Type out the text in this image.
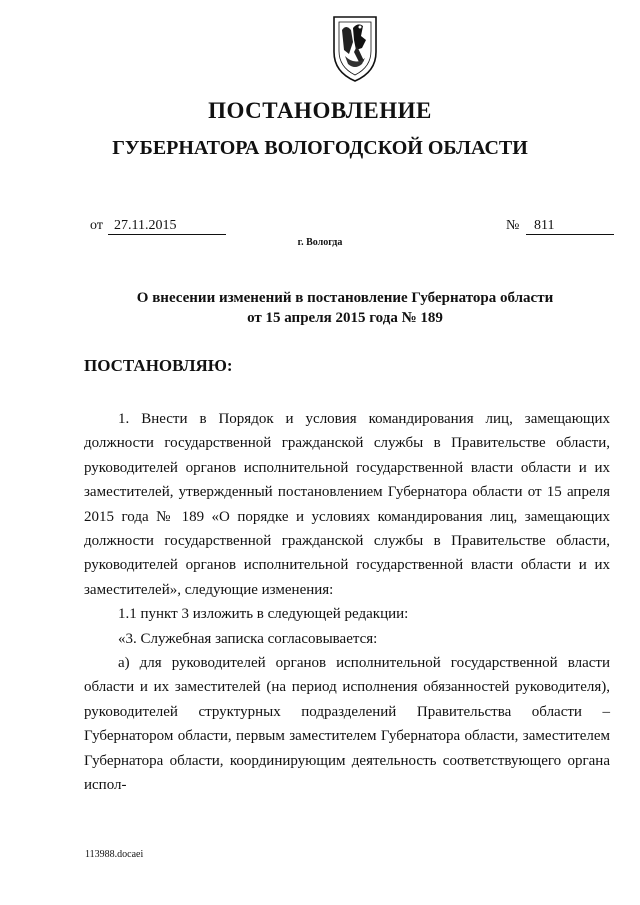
ПОСТАНОВЛЕНИЕ
ГУБЕРНАТОРА ВОЛОГОДСКОЙ ОБЛАСТИ
от 27.11.2015	№	811
г. Вологда
О внесении изменений в постановление Губернатора области
от 15 апреля 2015 года № 189
ПОСТАНОВЛЯЮ:

1. Внести в Порядок и условия командирования лиц, замещающих должности государственной гражданской службы в Правительстве области, руководителей органов исполнительной государственной власти области и их заместителей, утвержденный постановлением Губернатора области от 15 апреля 2015 года № 189 «О порядке и условиях командирования лиц, замещающих должности государственной гражданской службы в Правительстве области, руководителей органов исполнительной государственной власти области и их заместителей», следующие изменения:

1.1 пункт 3 изложить в следующей редакции:

«3. Служебная записка согласовывается:

а) для руководителей органов исполнительной государственной власти области и их заместителей (на период исполнения обязанностей руководителя), руководителей структурных подразделений Правительства области – Губернатором области, первым заместителем Губернатора области, заместителем Губернатора области, координирующим деятельность соответствующего органа испол-

113988.docaei
